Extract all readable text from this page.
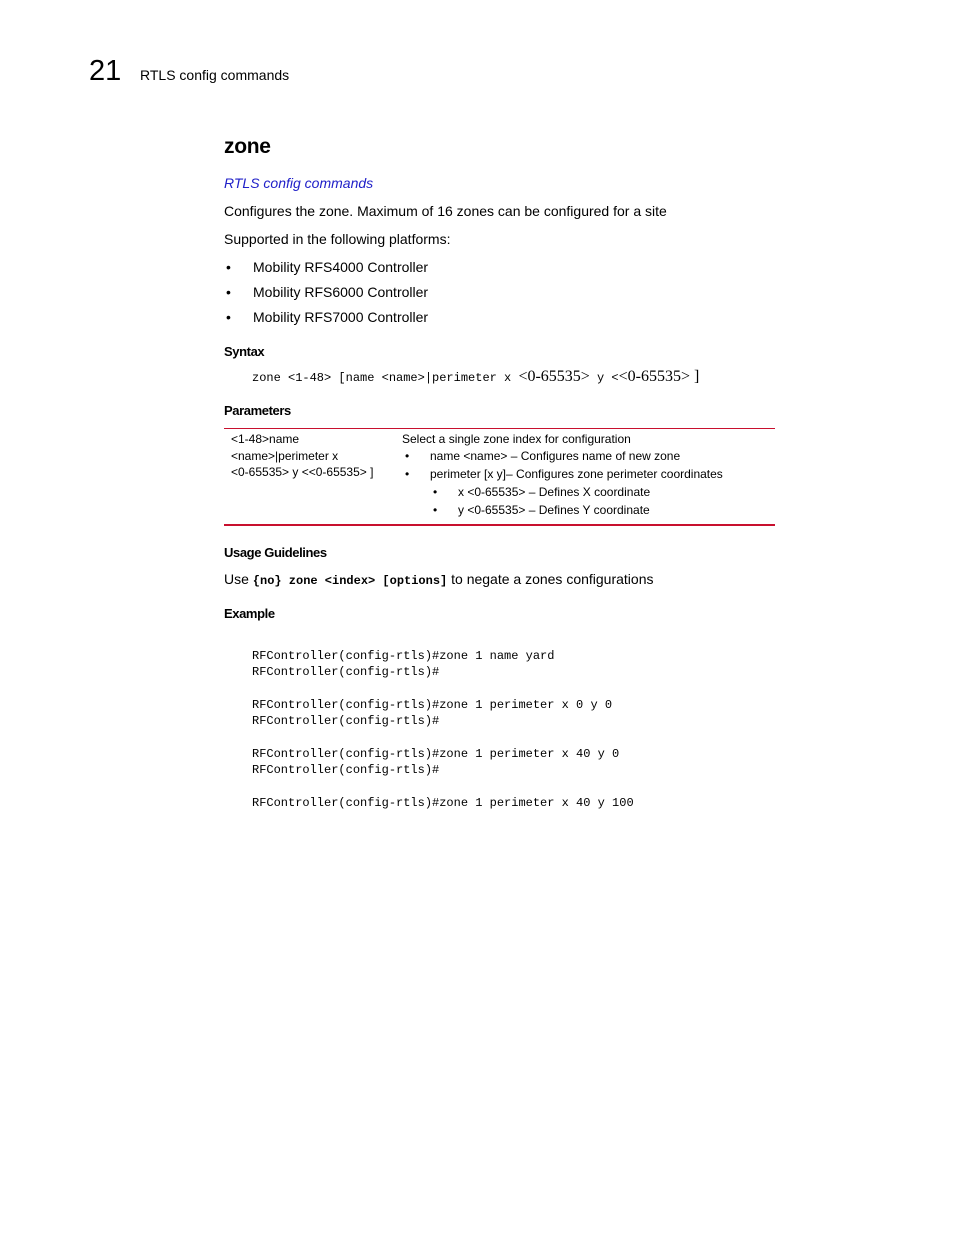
21 RTLS config commands
zone
RTLS config commands
Configures the zone. Maximum of 16 zones can be configured for a site
Supported in the following platforms:
• Mobility RFS4000 Controller
• Mobility RFS6000 Controller
• Mobility RFS7000 Controller
Syntax
zone <1-48> [name <name>|perimeter x <0-65535> y <<0-65535> ]
Parameters
<1-48>name
<name>|perimeter x
<0-65535> y <<0-65535> ]
Select a single zone index for configuration
• name <name> – Configures name of new zone
• perimeter [x y]– Configures zone perimeter coordinates
• x <0-65535> – Defines X coordinate
• y <0-65535> – Defines Y coordinate
Usage Guidelines
Use {no} zone <index> [options] to negate a zones configurations
Example
RFController(config-rtls)#zone 1 name yard
RFController(config-rtls)#

RFController(config-rtls)#zone 1 perimeter x 0 y 0
RFController(config-rtls)#

RFController(config-rtls)#zone 1 perimeter x 40 y 0
RFController(config-rtls)#

RFController(config-rtls)#zone 1 perimeter x 40 y 100
